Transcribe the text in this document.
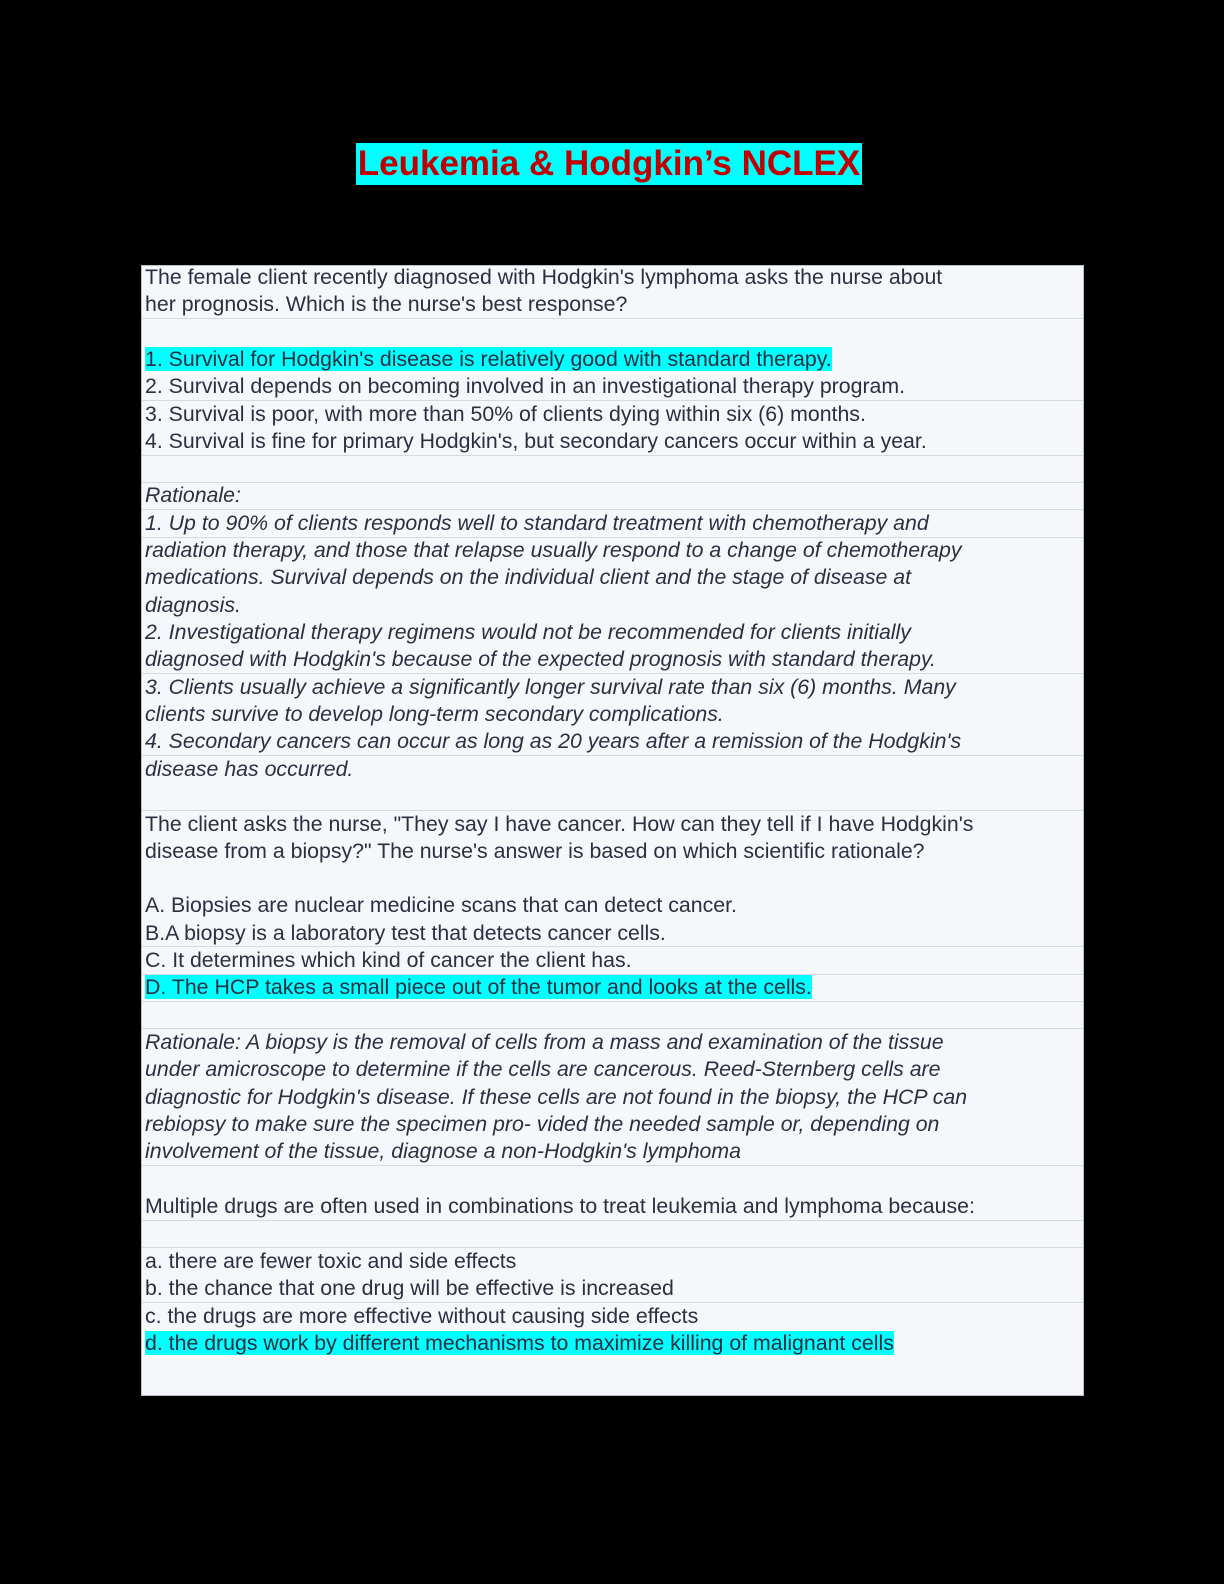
Leukemia & Hodgkin’s NCLEX
The female client recently diagnosed with Hodgkin's lymphoma asks the nurse about
her prognosis. Which is the nurse's best response?
1. Survival for Hodgkin's disease is relatively good with standard therapy.
2. Survival depends on becoming involved in an investigational therapy program.
3. Survival is poor, with more than 50% of clients dying within six (6) months.
4. Survival is fine for primary Hodgkin's, but secondary cancers occur within a year.
Rationale:
1. Up to 90% of clients responds well to standard treatment with chemotherapy and
radiation therapy, and those that relapse usually respond to a change of chemotherapy
medications. Survival depends on the individual client and the stage of disease at
diagnosis.
2. Investigational therapy regimens would not be recommended for clients initially
diagnosed with Hodgkin's because of the expected prognosis with standard therapy.
3. Clients usually achieve a significantly longer survival rate than six (6) months. Many
clients survive to develop long-term secondary complications.
4. Secondary cancers can occur as long as 20 years after a remission of the Hodgkin's
disease has occurred.
The client asks the nurse, "They say I have cancer. How can they tell if I have Hodgkin's
disease from a biopsy?" The nurse's answer is based on which scientific rationale?
A. Biopsies are nuclear medicine scans that can detect cancer.
B.A biopsy is a laboratory test that detects cancer cells.
C. It determines which kind of cancer the client has.
D. The HCP takes a small piece out of the tumor and looks at the cells.
Rationale: A biopsy is the removal of cells from a mass and examination of the tissue
under amicroscope to determine if the cells are cancerous. Reed-Sternberg cells are
diagnostic for Hodgkin's disease. If these cells are not found in the biopsy, the HCP can
rebiopsy to make sure the specimen pro- vided the needed sample or, depending on
involvement of the tissue, diagnose a non-Hodgkin's lymphoma
Multiple drugs are often used in combinations to treat leukemia and lymphoma because:
a. there are fewer toxic and side effects
b. the chance that one drug will be effective is increased
c. the drugs are more effective without causing side effects
d. the drugs work by different mechanisms to maximize killing of malignant cells
